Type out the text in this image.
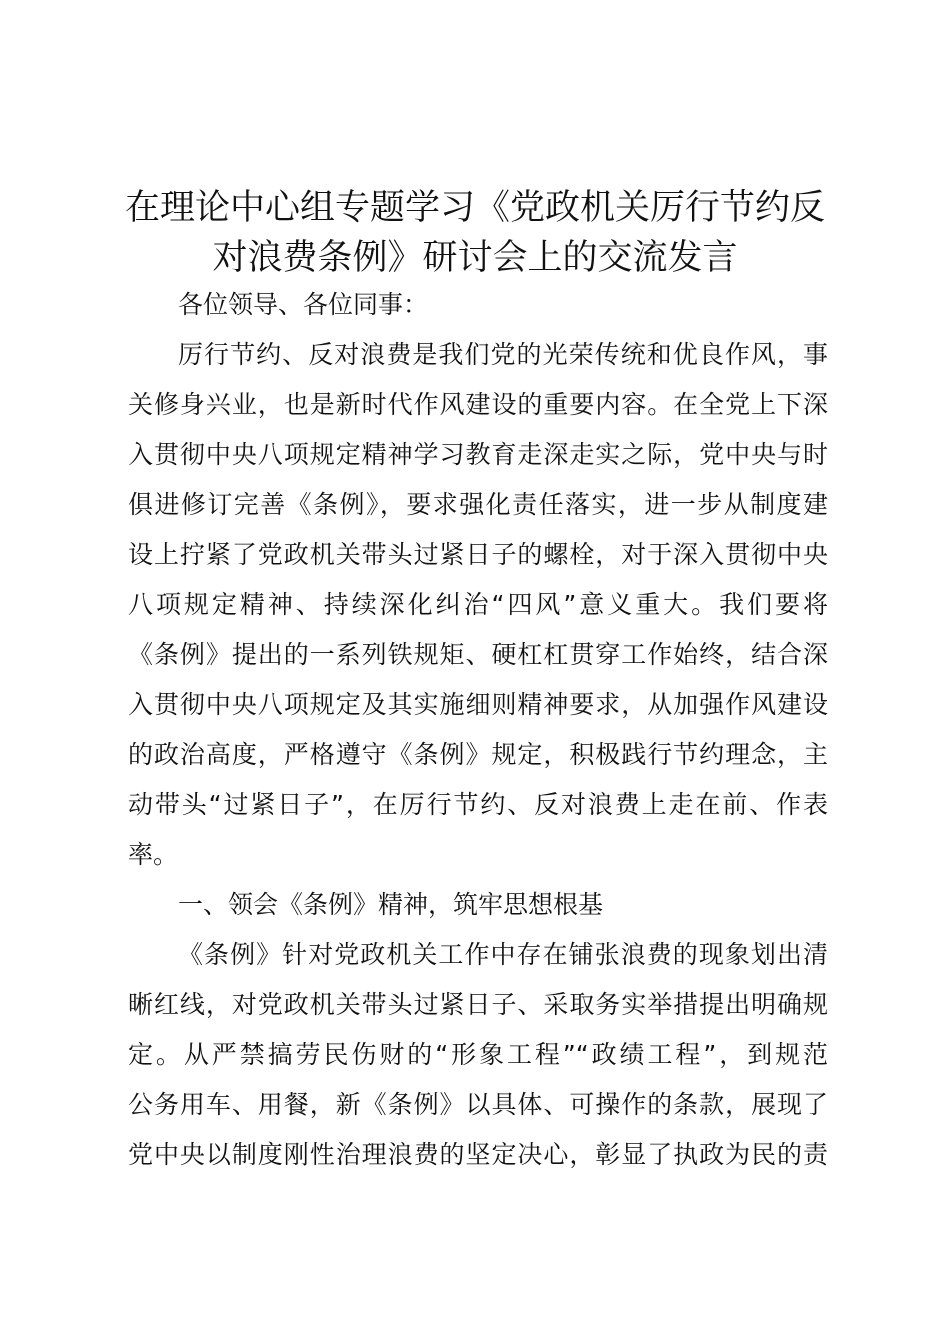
在理论中心组专题学习《党政机关厉行节约反
对浪费条例》研讨会上的交流发言
各位领导、各位同事：
厉行节约、反对浪费是我们党的光荣传统和优良作风，事
关修身兴业，也是新时代作风建设的重要内容。在全党上下深
入贯彻中央八项规定精神学习教育走深走实之际，党中央与时
俱进修订完善《条例》，要求强化责任落实，进一步从制度建
设上拧紧了党政机关带头过紧日子的螺栓，对于深入贯彻中央
八项规定精神、持续深化纠治“四风”意义重大。我们要将
《条例》提出的一系列铁规矩、硬杠杠贯穿工作始终，结合深
入贯彻中央八项规定及其实施细则精神要求，从加强作风建设
的政治高度，严格遵守《条例》规定，积极践行节约理念，主
动带头“过紧日子”，在厉行节约、反对浪费上走在前、作表
率。
一、领会《条例》精神，筑牢思想根基
《条例》针对党政机关工作中存在铺张浪费的现象划出清
晰红线，对党政机关带头过紧日子、采取务实举措提出明确规
定。从严禁搞劳民伤财的“形象工程”“政绩工程”，到规范
公务用车、用餐，新《条例》以具体、可操作的条款，展现了
党中央以制度刚性治理浪费的坚定决心，彰显了执政为民的责
